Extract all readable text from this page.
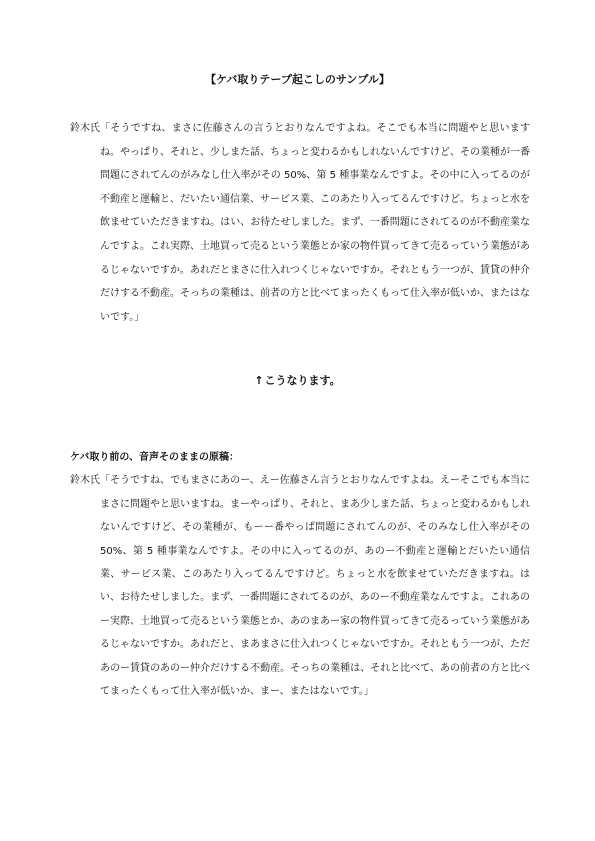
【ケバ取りテープ起こしのサンプル】
鈴木氏 「そうですね、まさに佐藤さんの言うとおりなんですよね。そこでも本当に問題やと思いますね。やっぱり、それと、少しまた話、ちょっと変わるかもしれないんですけど、その業種が一番問題にされてんのがみなし仕入率がその 50%、第 5 種事業なんですよ。その中に入ってるのが不動産と運輸と、だいたい通信業、サービス業、このあたり入ってるんですけど。ちょっと水を飲ませていただきますね。はい、お待たせしました。まず、一番問題にされてるのが不動産業なんですよ。これ実際、土地買って売るという業態とか家の物件買ってきて売るっていう業態があるじゃないですか。あれだとまさに仕入れつくじゃないですか。それともう一つが、賃貸の仲介だけする不動産。そっちの業種は、前者の方と比べてまったくもって仕入率が低いか、またはないです。」
↑こうなります。
ケバ取り前の、音声そのままの原稿：
鈴木氏 「そうですね、でもまさにあのー、えー佐藤さん言うとおりなんですよね。えーそこでも本当にまさに問題やと思いますね。まーやっぱり、それと、まあ少しまた話、ちょっと変わるかもしれないんですけど、その業種が、もーー番やっぱ問題にされてんのが、そのみなし仕入率がその 50%、第 5 種事業なんですよ。その中に入ってるのが、あのー不動産と運輸とだいたい通信業、サービス業、このあたり入ってるんですけど。ちょっと水を飲ませていただきますね。はい、お待たせしました。まず、一番問題にされてるのが、あのー不動産業なんですよ。これあのー実際、土地買って売るという業態とか、あのまあー家の物件買ってきて売るっていう業態があるじゃないですか。あれだと、まあまさに仕入れつくじゃないですか。それともう一つが、ただあのー賃貸のあのー仲介だけする不動産。そっちの業種は、それと比べて、あの前者の方と比べてまったくもって仕入率が低いか、まー、またはないです。」
